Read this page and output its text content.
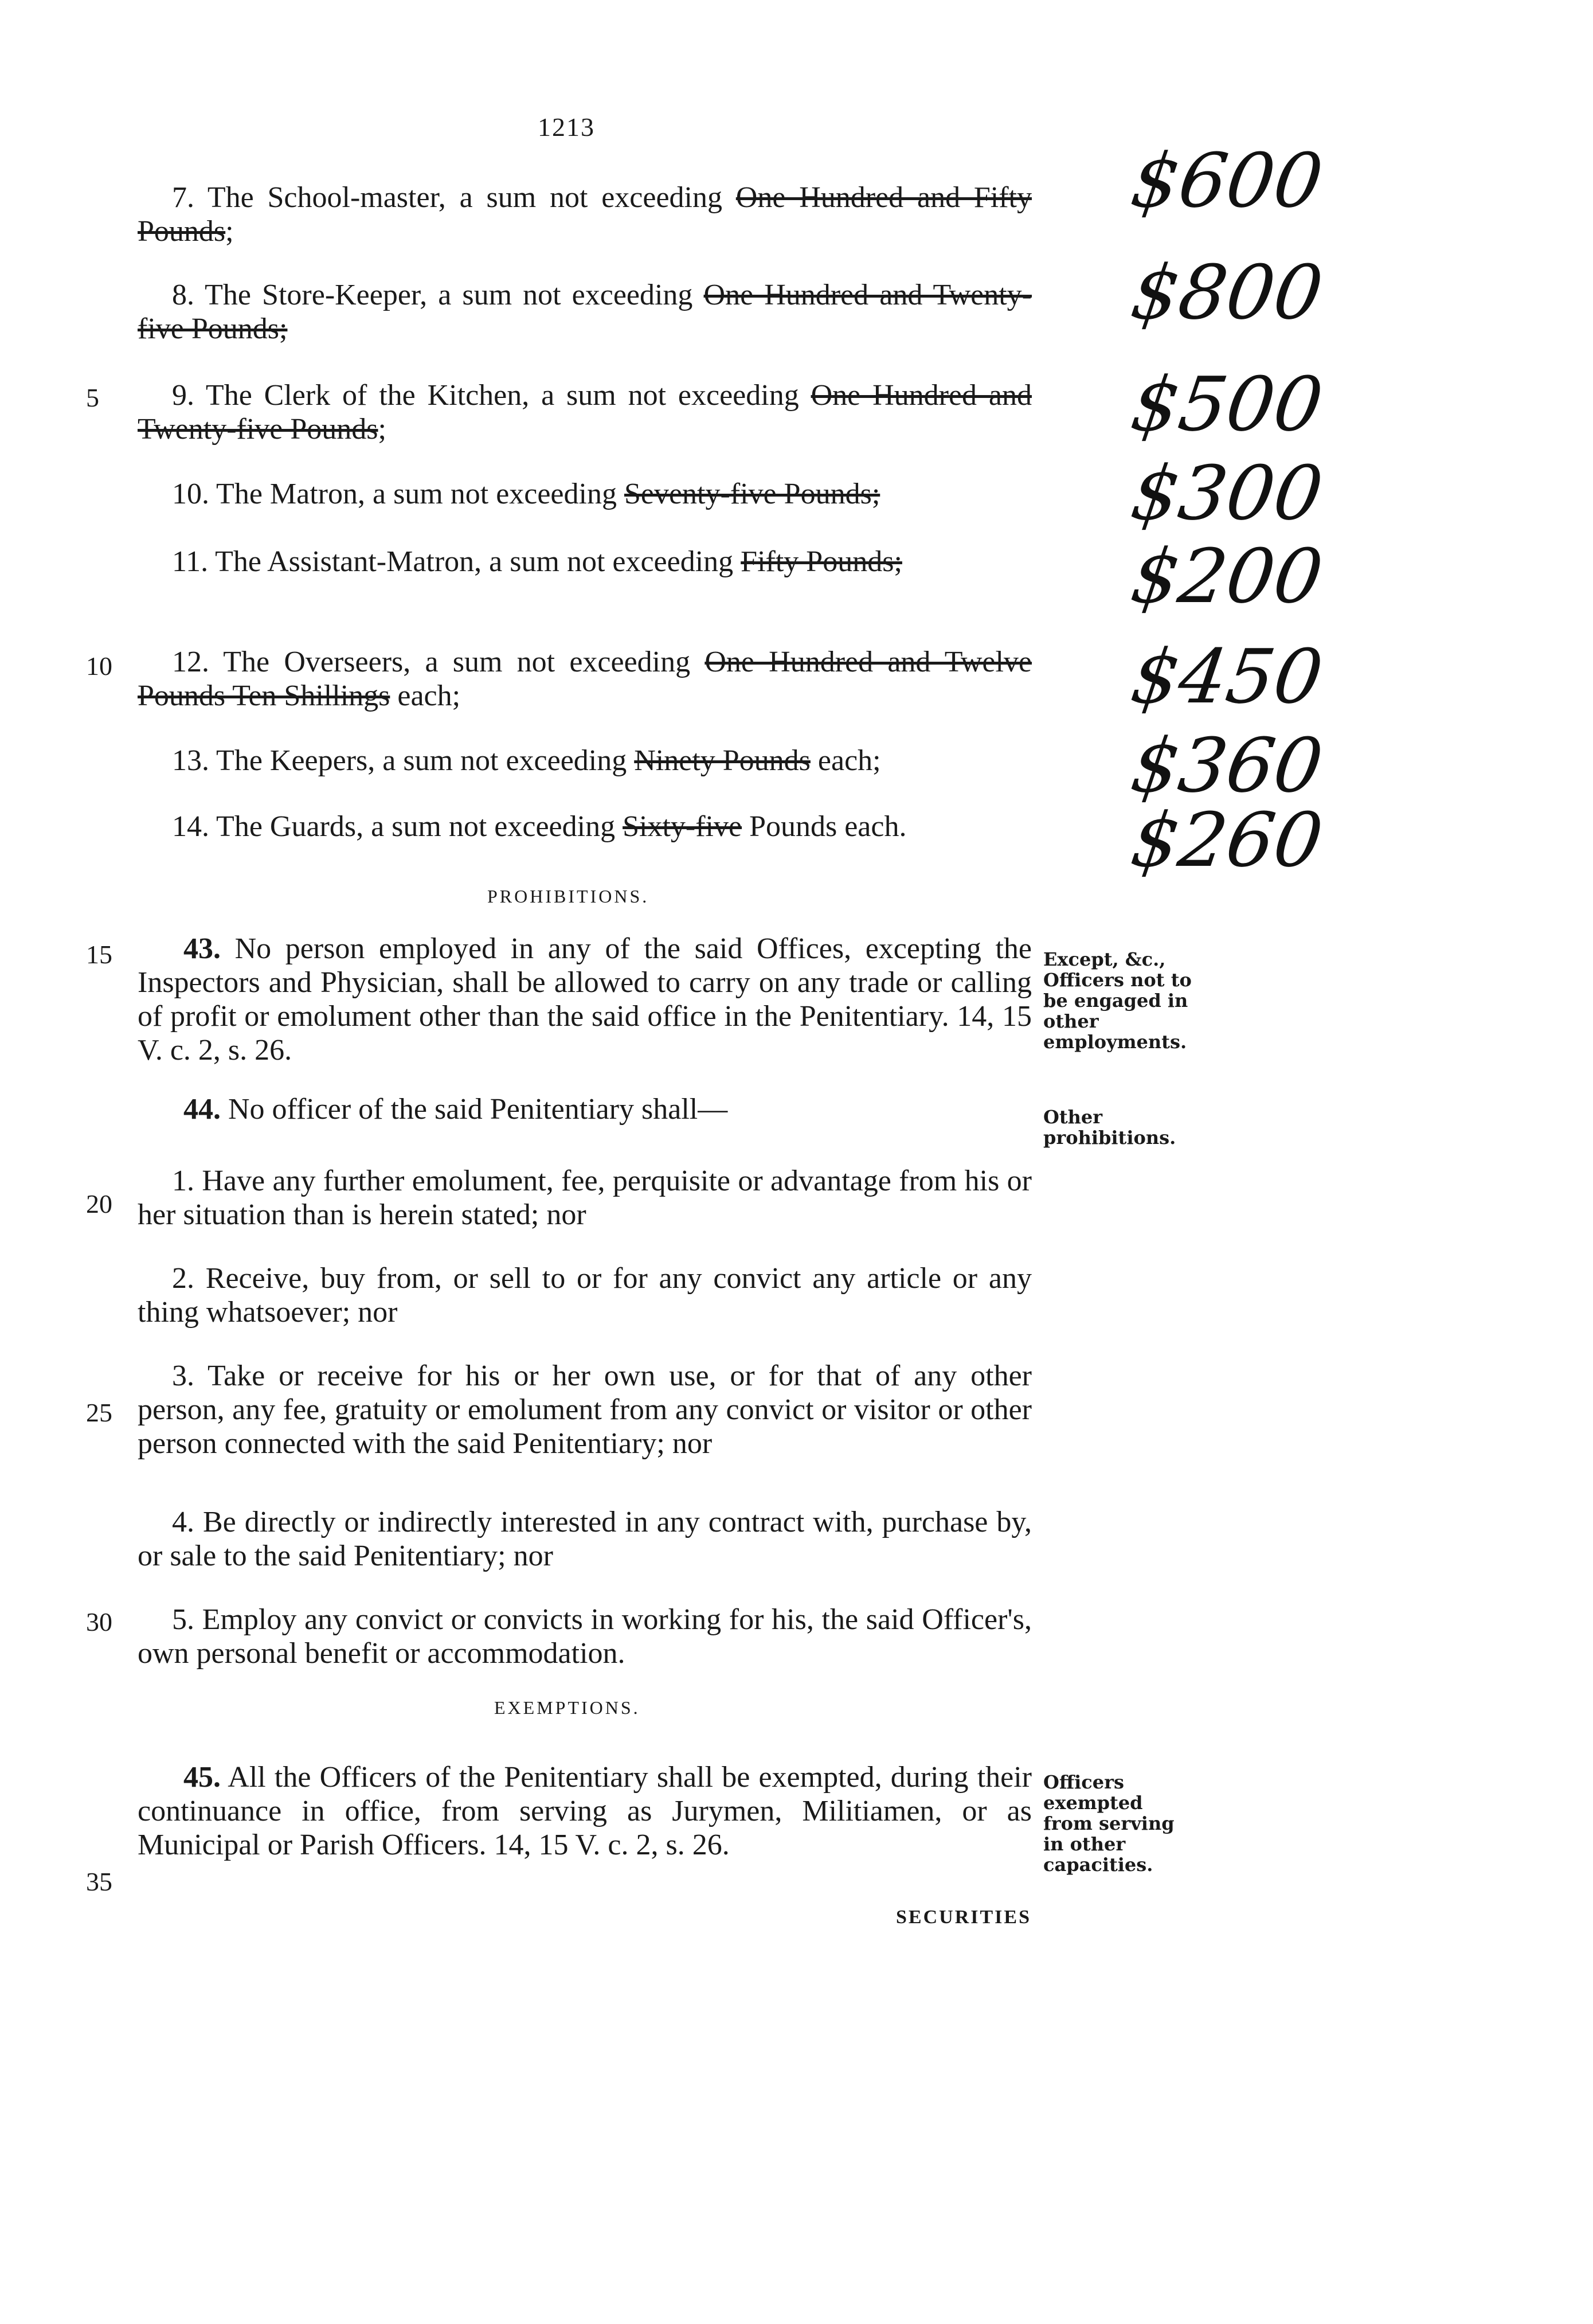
1213
5
10
15
20
25
30
35
7. The School-master, a sum not exceeding One Hundred and Fifty Pounds;
8. The Store-Keeper, a sum not exceeding One Hundred and Twenty-five Pounds;
9. The Clerk of the Kitchen, a sum not exceeding One Hundred and Twenty-five Pounds;
10. The Matron, a sum not exceeding Seventy-five Pounds;
11. The Assistant-Matron, a sum not exceeding Fifty Pounds;
12. The Overseers, a sum not exceeding One Hundred and Twelve Pounds Ten Shillings each;
13. The Keepers, a sum not exceeding Ninety Pounds each;
14. The Guards, a sum not exceeding Sixty-five Pounds each.
$600
$800
$500
$300
$200
$450
$360
$260
PROHIBITIONS.
43. No person employed in any of the said Offices, excepting the Inspectors and Physician, shall be allowed to carry on any trade or calling of profit or emolument other than the said office in the Penitentiary. 14, 15 V. c. 2, s. 26.
Except, &c., Officers not to be engaged in other employments.
44. No officer of the said Penitentiary shall—	Other prohibitions.
1. Have any further emolument, fee, perquisite or advantage from his or her situation than is herein stated; nor
2. Receive, buy from, or sell to or for any convict any article or any thing whatsoever; nor
3. Take or receive for his or her own use, or for that of any other person, any fee, gratuity or emolument from any convict or visitor or other person connected with the said Penitentiary; nor
4. Be directly or indirectly interested in any contract with, purchase by, or sale to the said Penitentiary; nor
5. Employ any convict or convicts in working for his, the said Officer's, own personal benefit or accommodation.
EXEMPTIONS.
45. All the Officers of the Penitentiary shall be exempted, during their continuance in office, from serving as Jurymen, Militiamen, or as Municipal or Parish Officers. 14, 15 V. c. 2, s. 26.
Officers exempted from serving in other capacities.
SECURITIES
